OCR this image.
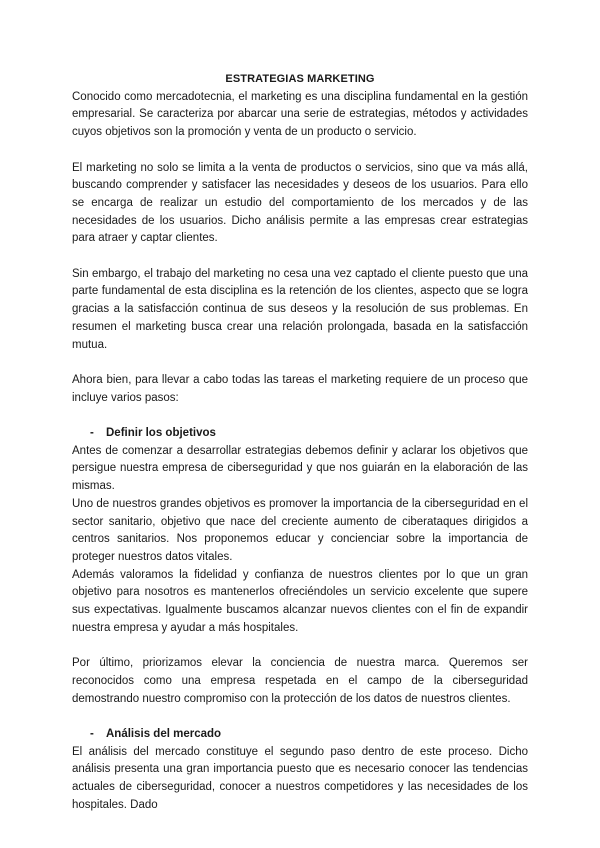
ESTRATEGIAS MARKETING

Conocido como mercadotecnia, el marketing es una disciplina fundamental en la gestión empresarial. Se caracteriza por abarcar una serie de estrategias, métodos y actividades cuyos objetivos son la promoción y venta de un producto o servicio.

El marketing no solo se limita a la venta de productos o servicios, sino que va más allá, buscando comprender y satisfacer las necesidades y deseos de los usuarios. Para ello se encarga de realizar un estudio del comportamiento de los mercados y de las necesidades de los usuarios. Dicho análisis permite a las empresas crear estrategias para atraer y captar clientes.

Sin embargo, el trabajo del marketing no cesa una vez captado el cliente puesto que una parte fundamental de esta disciplina es la retención de los clientes, aspecto que se logra gracias a la satisfacción continua de sus deseos y la resolución de sus problemas. En resumen el marketing busca crear una relación prolongada, basada en la satisfacción mutua.

Ahora bien, para llevar a cabo todas las tareas el marketing requiere de un proceso que incluye varios pasos:

-	Definir los objetivos

Antes de comenzar a desarrollar estrategias debemos definir y aclarar los objetivos que persigue nuestra empresa de ciberseguridad y que nos guiarán en la elaboración de las mismas.

Uno de nuestros grandes objetivos es promover la importancia de la ciberseguridad en el sector sanitario, objetivo que nace del creciente aumento de ciberataques dirigidos a centros sanitarios. Nos proponemos educar y concienciar sobre la importancia de proteger nuestros datos vitales.

Además valoramos la fidelidad y confianza de nuestros clientes por lo que un gran objetivo para nosotros es mantenerlos ofreciéndoles un servicio excelente que supere sus expectativas. Igualmente buscamos alcanzar nuevos clientes con el fin de expandir nuestra empresa y ayudar a más hospitales.

Por último, priorizamos elevar la conciencia de nuestra marca. Queremos ser reconocidos como una empresa respetada en el campo de la ciberseguridad demostrando nuestro compromiso con la protección de los datos de nuestros clientes.

-	Análisis del mercado

El análisis del mercado constituye el segundo paso dentro de este proceso. Dicho análisis presenta una gran importancia puesto que es necesario conocer las tendencias actuales de ciberseguridad, conocer a nuestros competidores y las necesidades de los hospitales. Dado
